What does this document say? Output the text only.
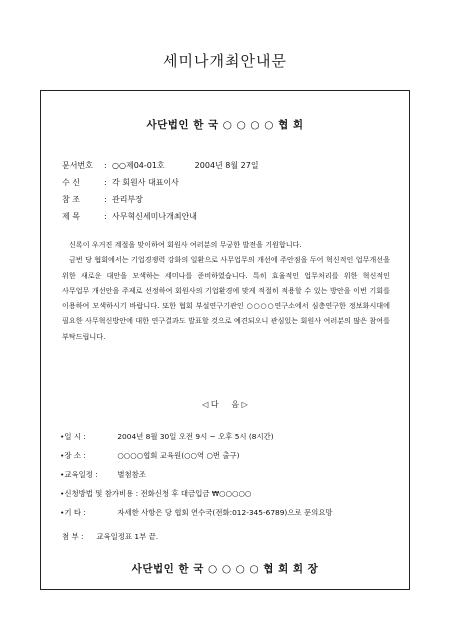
세미나개최안내문
사단법인 한 국 ○ ○ ○ ○ 협 회
문서번호 : ○○제04-01호	2004년 8월 27일
수 신	: 각 회원사 대표이사
참 조	: 관리부장
제 목	: 사무혁신세미나개최안내

신록이 우거진 계절을 맞이하여 회원사 여러분의 무궁한 발전을 기원합니다.

금번 당 협회에서는 기업경쟁력 강화의 일환으로 사무업무의 개선에 주안점을 두어 혁신적인 업무개선을 위한 새로운 대안을 모색하는 세미나를 준비하였습니다. 특히 효율적인 업무처리를 위한 혁신적인 사무업무 개선안을 주제로 선정하여 회원사의 기업환경에 맞게 적절히 적용할 수 있는 방안을 이번 기회를 이용하여 모색하시기 바랍니다. 또한 협회 부설연구기관인 ○○○○연구소에서 심층연구한 정보화시대에 필요한 사무혁신방안에 대한 연구결과도 발표할 것으로 예견되오니 관심있는 회원사 여러분의 많은 참여를 부탁드립니다.

◁ 다     음 ▷
•일 시 :	2004년 8월 30일 오전 9시 ~ 오후 5시 (8시간)
•장 소 :	○○○○협회 교육원(○○역 ○번 출구)
•교육일정 :	별첨참조
•신청방법 및 참가비용 : 전화신청 후 대금입금 ₩○○○○○
•기 타 :	자세한 사항은 당 협회 연수국(전화:012-345-6789)으로 문의요망
첨 부 : 교육일정표 1부 끝.
사단법인 한 국 ○ ○ ○ ○ 협 회 회 장
